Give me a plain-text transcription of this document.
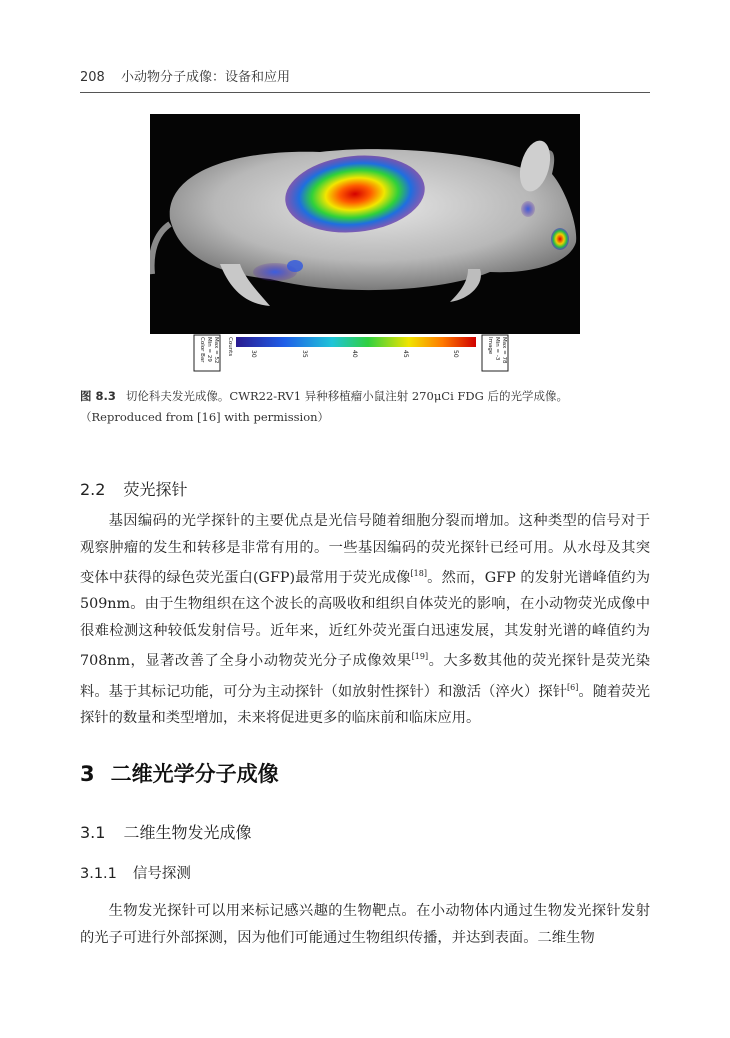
208 小动物分子成像：设备和应用
Color Bar Min = 29 Max = 52 Counts	30	35	40	45	50	Image Min = -3 Max = 78
图 8.3 切伦科夫发光成像。CWR22-RV1 异种移植瘤小鼠注射 270μCi FDG 后的光学成像。
（Reproduced from [16] with permission）
2.2 荧光探针

基因编码的光学探针的主要优点是光信号随着细胞分裂而增加。这种类型的信号对于观察肿瘤的发生和转移是非常有用的。一些基因编码的荧光探针已经可用。从水母及其突变体中获得的绿色荧光蛋白(GFP)最常用于荧光成像[18]。然而，GFP 的发射光谱峰值约为 509nm。由于生物组织在这个波长的高吸收和组织自体荧光的影响，在小动物荧光成像中很难检测这种较低发射信号。近年来，近红外荧光蛋白迅速发展，其发射光谱的峰值约为 708nm，显著改善了全身小动物荧光分子成像效果[19]。大多数其他的荧光探针是荧光染料。基于其标记功能，可分为主动探针（如放射性探针）和激活（淬火）探针[6]。随着荧光探针的数量和类型增加，未来将促进更多的临床前和临床应用。

3 二维光学分子成像
3.1 二维生物发光成像
3.1.1 信号探测

生物发光探针可以用来标记感兴趣的生物靶点。在小动物体内通过生物发光探针发射的光子可进行外部探测，因为他们可能通过生物组织传播，并达到表面。二维生物
